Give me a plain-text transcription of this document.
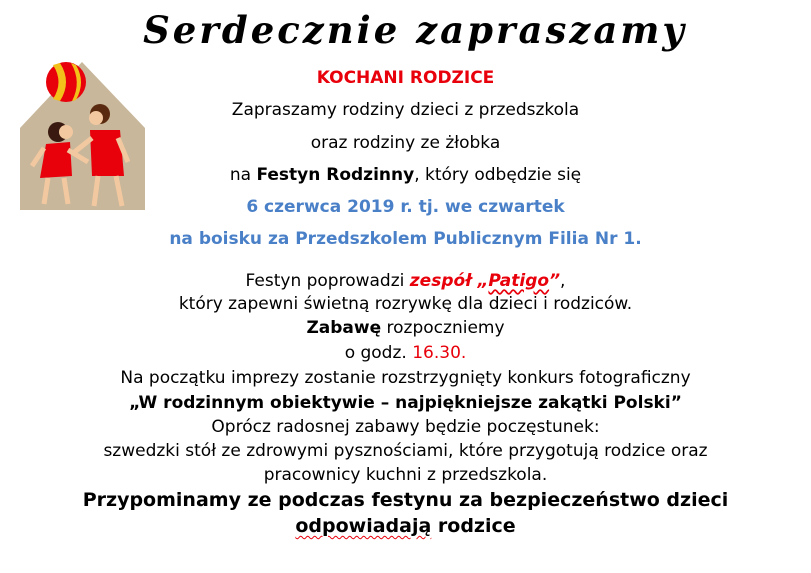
Serdecznie zapraszamy
KOCHANI RODZICE
Zapraszamy rodziny dzieci z przedszkola
oraz rodziny ze żłobka
na Festyn Rodzinny, który odbędzie się
6 czerwca 2019 r. tj. we czwartek
na boisku za Przedszkolem Publicznym Filia Nr 1.
Festyn poprowadzi zespół „Patigo”,
który zapewni świetną rozrywkę dla dzieci i rodziców.
Zabawę rozpoczniemy
o godz. 16.30.
Na początku imprezy zostanie rozstrzygnięty konkurs fotograficzny
„W rodzinnym obiektywie – najpiękniejsze zakątki Polski”
Oprócz radosnej zabawy będzie poczęstunek:
szwedzki stół ze zdrowymi pysznościami, które przygotują rodzice oraz
pracownicy kuchni z przedszkola.
Przypominamy ze podczas festynu za bezpieczeństwo dzieci
odpowiadają rodzice
